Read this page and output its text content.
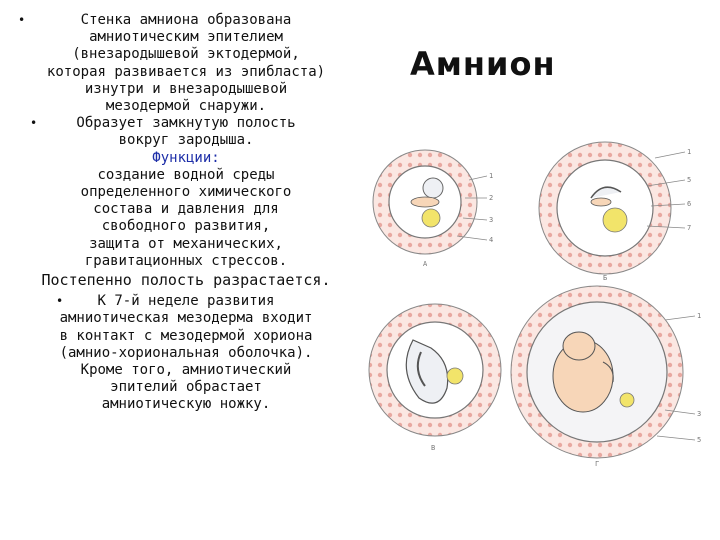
Амнион
•	Стенка амниона образована
амниотическим эпителием
(внезародышевой эктодермой,
которая развивается из эпибласта)
изнутри и внезародышевой
мезодермой снаружи.
•	Образует замкнутую полость
вокруг зародыша.
Функции:
создание водной среды
определенного химического
состава и давления для
свободного развития,
защита от механических,
гравитационных стрессов.
Постепенно полость разрастается.
• К 7-й неделе развития
амниотическая мезодерма входит
в контакт с мезодермой хориона
(амнио-хориональная оболочка).
Кроме того, амниотический
эпителий обрастает
амниотическую ножку.
1
2
3
4
А
1
5
6
7
Б
В
1
3
5
Г
